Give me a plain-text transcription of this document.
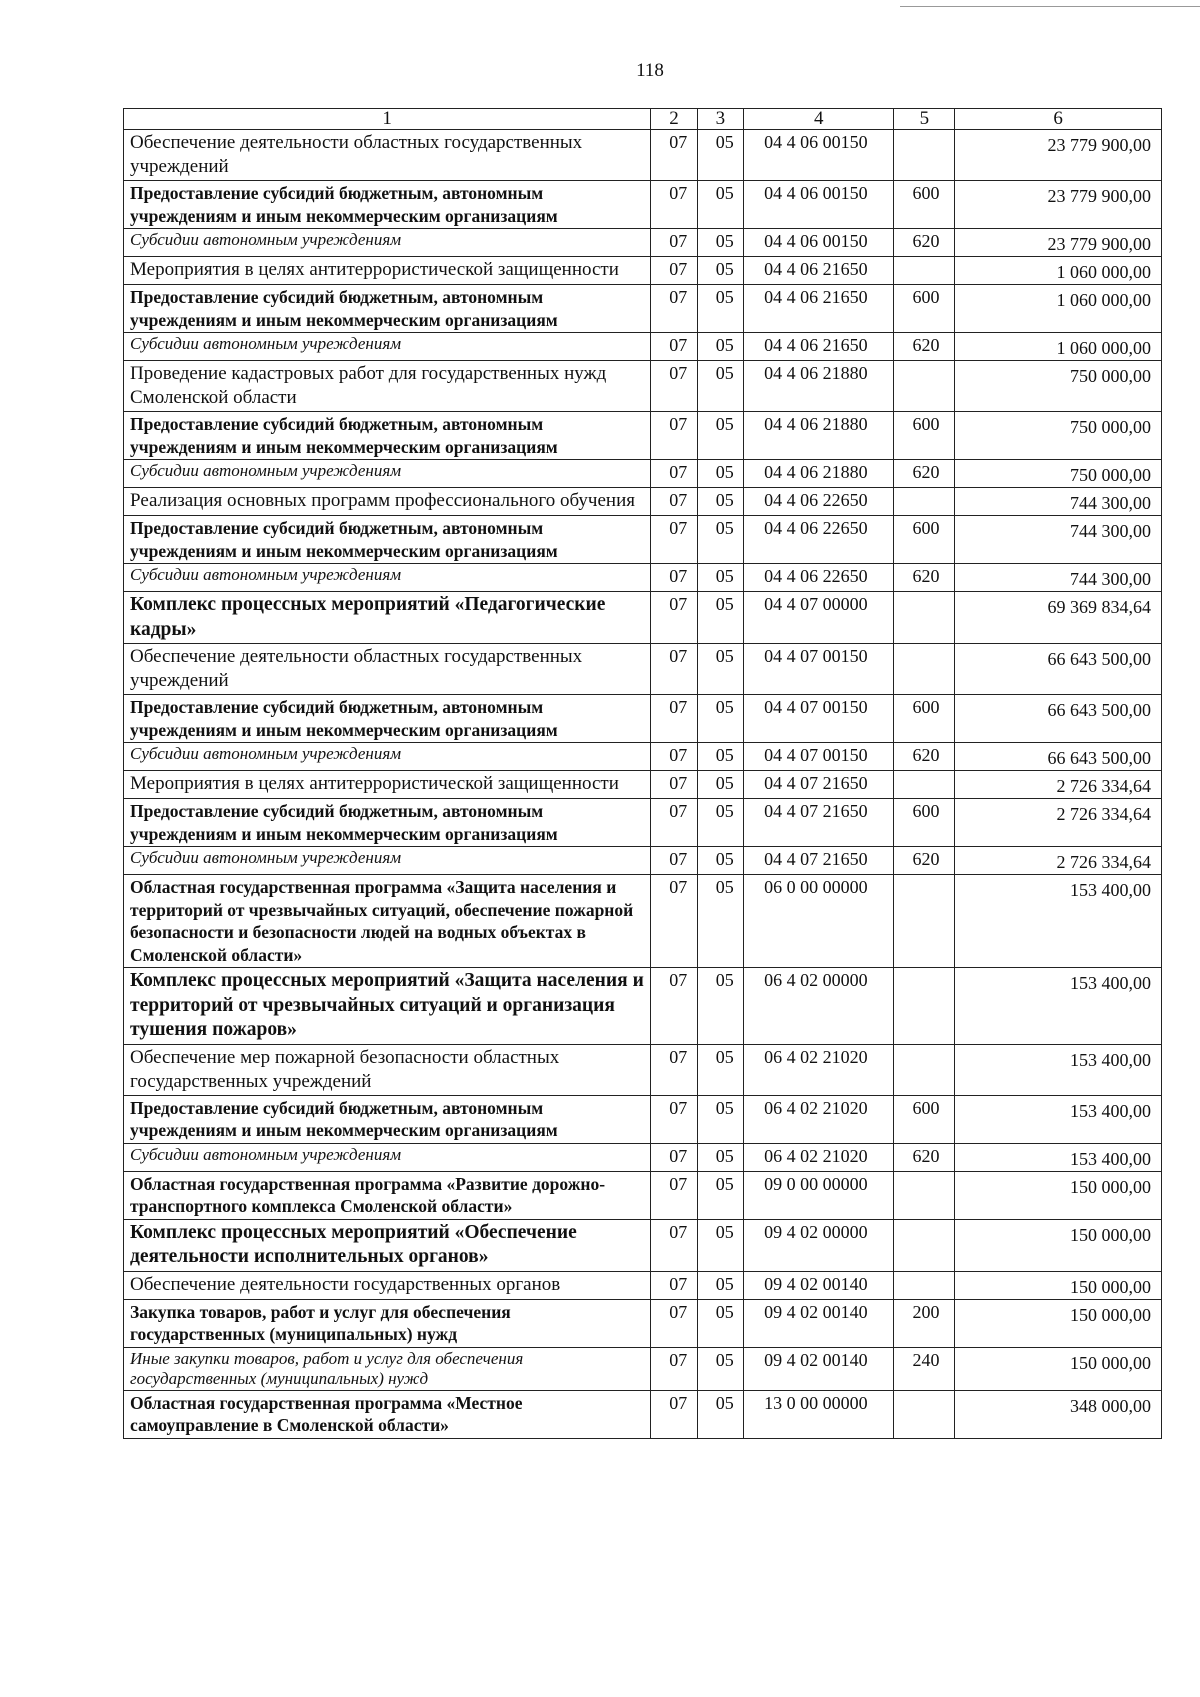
118
1	2	3	4	5	6
Обеспечение деятельности областных государственных учреждений	07	05	04 4 06 00150		23 779 900,00
Предоставление субсидий бюджетным, автономным учреждениям и иным некоммерческим организациям	07	05	04 4 06 00150	600	23 779 900,00
Субсидии автономным учреждениям	07	05	04 4 06 00150	620	23 779 900,00
Мероприятия в целях антитеррористической защищенности	07	05	04 4 06 21650		1 060 000,00
Предоставление субсидий бюджетным, автономным учреждениям и иным некоммерческим организациям	07	05	04 4 06 21650	600	1 060 000,00
Субсидии автономным учреждениям	07	05	04 4 06 21650	620	1 060 000,00
Проведение кадастровых работ для государственных нужд Смоленской области	07	05	04 4 06 21880		750 000,00
Предоставление субсидий бюджетным, автономным учреждениям и иным некоммерческим организациям	07	05	04 4 06 21880	600	750 000,00
Субсидии автономным учреждениям	07	05	04 4 06 21880	620	750 000,00
Реализация основных программ профессионального обучения	07	05	04 4 06 22650		744 300,00
Предоставление субсидий бюджетным, автономным учреждениям и иным некоммерческим организациям	07	05	04 4 06 22650	600	744 300,00
Субсидии автономным учреждениям	07	05	04 4 06 22650	620	744 300,00
Комплекс процессных мероприятий «Педагогические кадры»	07	05	04 4 07 00000		69 369 834,64
Обеспечение деятельности областных государственных учреждений	07	05	04 4 07 00150		66 643 500,00
Предоставление субсидий бюджетным, автономным учреждениям и иным некоммерческим организациям	07	05	04 4 07 00150	600	66 643 500,00
Субсидии автономным учреждениям	07	05	04 4 07 00150	620	66 643 500,00
Мероприятия в целях антитеррористической защищенности	07	05	04 4 07 21650		2 726 334,64
Предоставление субсидий бюджетным, автономным учреждениям и иным некоммерческим организациям	07	05	04 4 07 21650	600	2 726 334,64
Субсидии автономным учреждениям	07	05	04 4 07 21650	620	2 726 334,64
Областная государственная программа «Защита населения и территорий от чрезвычайных ситуаций, обеспечение пожарной безопасности и безопасности людей на водных объектах в Смоленской области»	07	05	06 0 00 00000		153 400,00
Комплекс процессных мероприятий «Защита населения и территорий от чрезвычайных ситуаций и организация тушения пожаров»	07	05	06 4 02 00000		153 400,00
Обеспечение мер пожарной безопасности областных государственных учреждений	07	05	06 4 02 21020		153 400,00
Предоставление субсидий бюджетным, автономным учреждениям и иным некоммерческим организациям	07	05	06 4 02 21020	600	153 400,00
Субсидии автономным учреждениям	07	05	06 4 02 21020	620	153 400,00
Областная государственная программа «Развитие дорожно-транспортного комплекса Смоленской области»	07	05	09 0 00 00000		150 000,00
Комплекс процессных мероприятий «Обеспечение деятельности исполнительных органов»	07	05	09 4 02 00000		150 000,00
Обеспечение деятельности государственных органов	07	05	09 4 02 00140		150 000,00
Закупка товаров, работ и услуг для обеспечения государственных (муниципальных) нужд	07	05	09 4 02 00140	200	150 000,00
Иные закупки товаров, работ и услуг для обеспечения государственных (муниципальных) нужд	07	05	09 4 02 00140	240	150 000,00
Областная государственная программа «Местное самоуправление в Смоленской области»	07	05	13 0 00 00000		348 000,00
